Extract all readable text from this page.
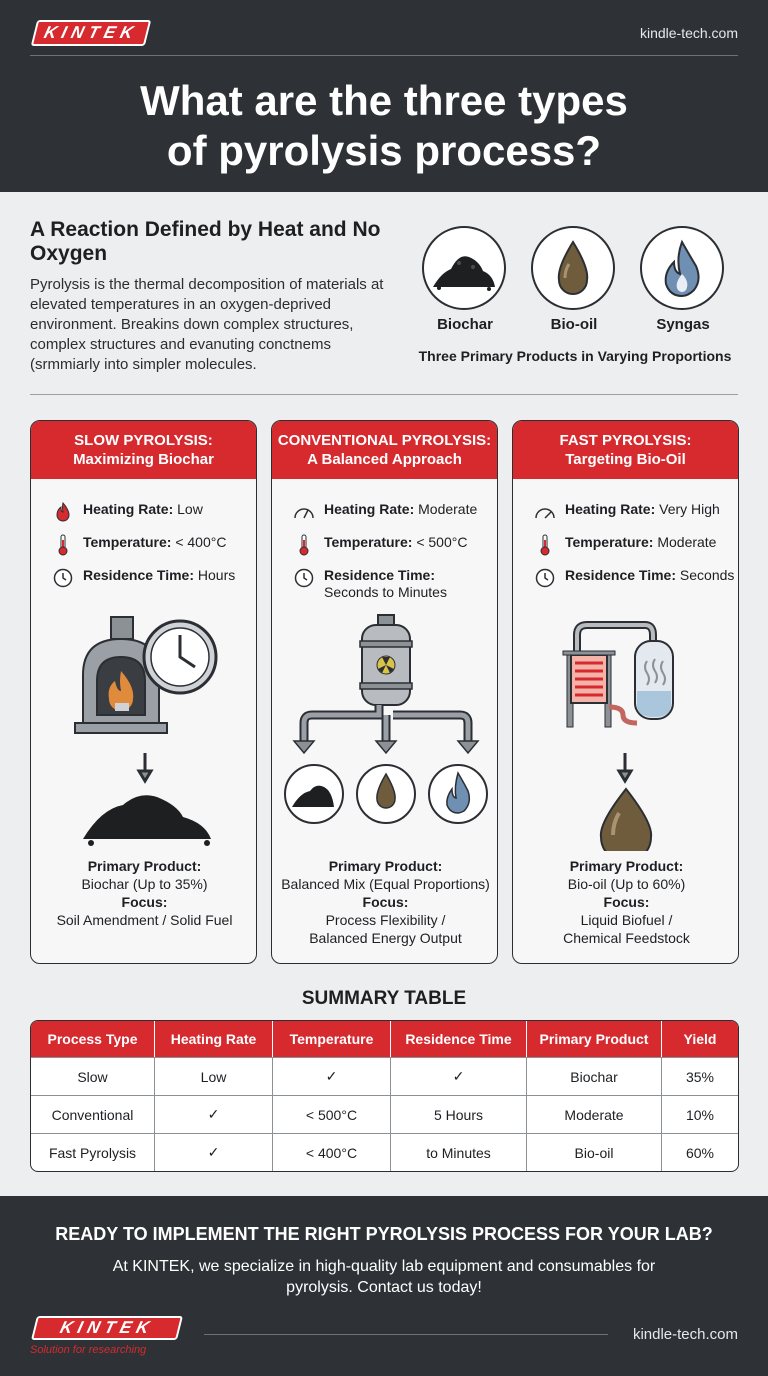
KINTEK	kindle-tech.com
What are the three types
of pyrolysis process?
A Reaction Defined by Heat and No Oxygen
Pyrolysis is the thermal decomposition of materials at elevated temperatures in an oxygen-deprived environment. Breakins down complex structures, complex structures and evanuting conctnems (srmmiarly into simpler molecules.
Biochar	Bio-oil	Syngas
Three Primary Products in Varying Proportions
SLOW PYROLYSIS:
Maximizing Biochar
Heating Rate: Low
Temperature: < 400°C
Residence Time: Hours
Primary Product:
Biochar (Up to 35%)
Focus:
Soil Amendment / Solid Fuel
CONVENTIONAL PYROLYSIS:
A Balanced Approach
Heating Rate: Moderate
Temperature: < 500°C
Residence Time:
Seconds to Minutes
Primary Product:
Balanced Mix (Equal Proportions)
Focus:
Process Flexibility /
Balanced Energy Output
FAST PYROLYSIS:
Targeting Bio-Oil
Heating Rate: Very High
Temperature: Moderate
Residence Time: Seconds
Primary Product:
Bio-oil (Up to 60%)
Focus:
Liquid Biofuel /
Chemical Feedstock
SUMMARY TABLE
Process Type	Heating Rate	Temperature	Residence Time	Primary Product	Yield
Slow	Low	✓	✓	Biochar	35%
Conventional	✓	< 500°C	5 Hours	Moderate	10%
Fast Pyrolysis	✓	< 400°C	to Minutes	Bio-oil	60%
READY TO IMPLEMENT THE RIGHT PYROLYSIS PROCESS FOR YOUR LAB?
At KINTEK, we specialize in high-quality lab equipment and consumables for pyrolysis. Contact us today!
KINTEK
Solution for researching
kindle-tech.com
